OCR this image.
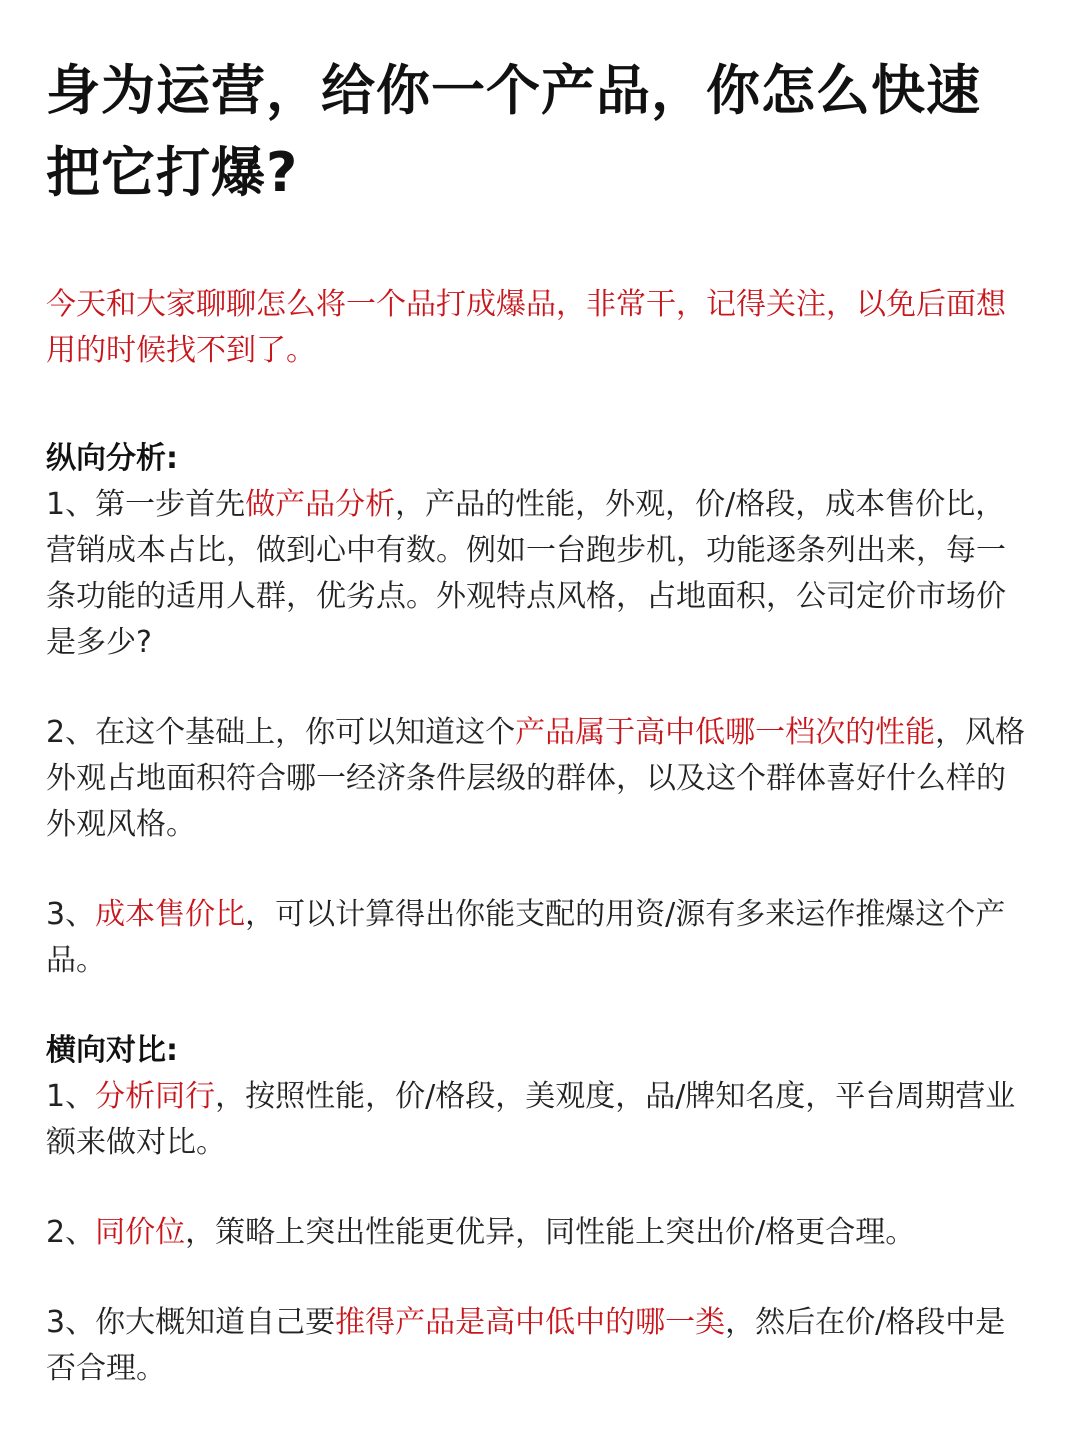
身为运营，给你一个产品，你怎么快速把它打爆?

今天和大家聊聊怎么将一个品打成爆品，非常干，记得关注，以免后面想用的时候找不到了。

纵向分析:

1、第一步首先做产品分析，产品的性能，外观，价/格段，成本售价比，营销成本占比，做到心中有数。例如一台跑步机，功能逐条列出来，每一条功能的适用人群，优劣点。外观特点风格，占地面积，公司定价市场价是多少?

2、在这个基础上，你可以知道这个产品属于高中低哪一档次的性能，风格外观占地面积符合哪一经济条件层级的群体，以及这个群体喜好什么样的外观风格。

3、成本售价比，可以计算得出你能支配的用资/源有多来运作推爆这个产品。

横向对比:

1、分析同行，按照性能，价/格段，美观度，品/牌知名度，平台周期营业额来做对比。

2、同价位，策略上突出性能更优异，同性能上突出价/格更合理。

3、你大概知道自己要推得产品是高中低中的哪一类，然后在价/格段中是否合理。
